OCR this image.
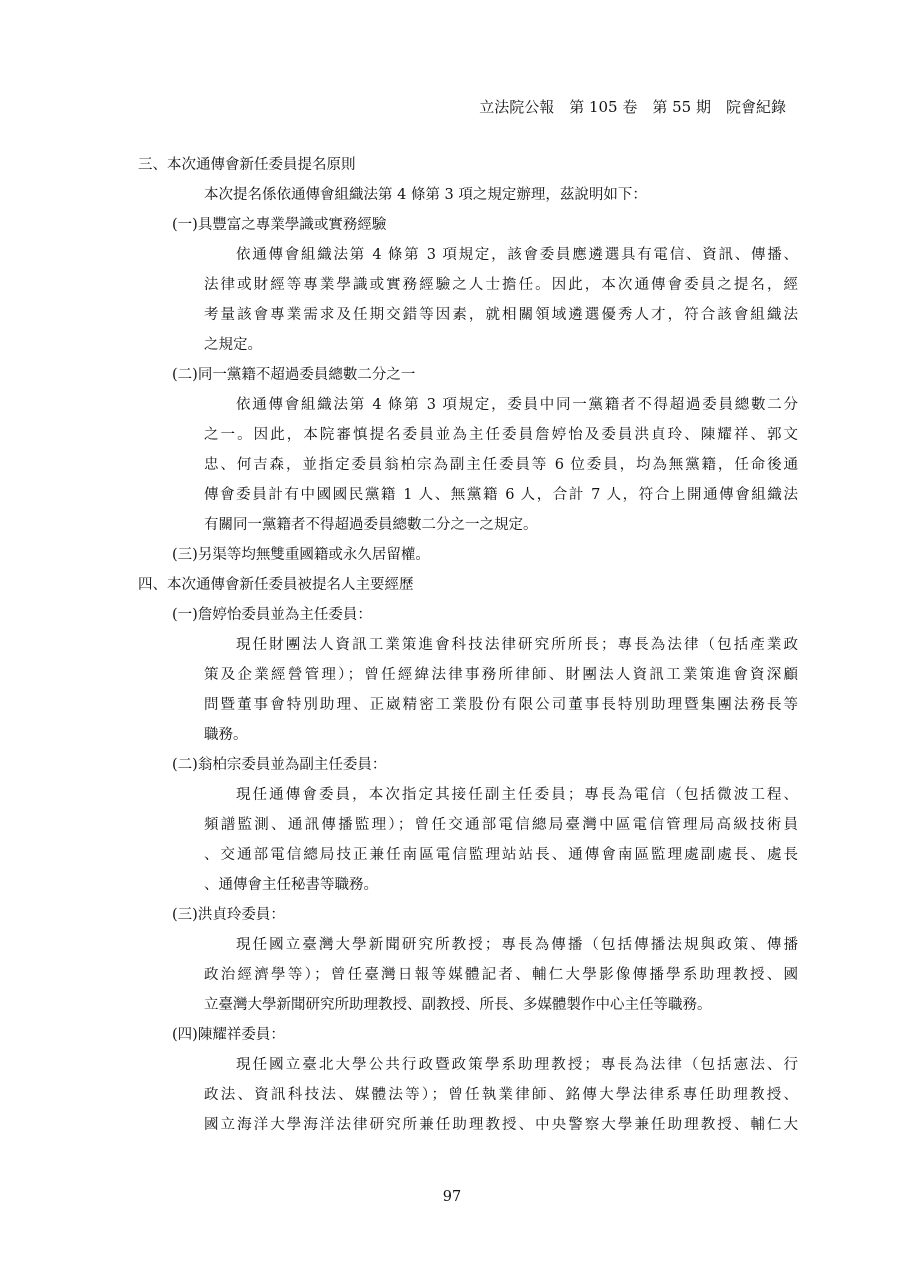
立法院公報　第 105 卷　第 55 期　院會紀錄
三、本次通傳會新任委員提名原則
本次提名係依通傳會組織法第 4 條第 3 項之規定辦理，茲說明如下：
(一)具豐富之專業學識或實務經驗
依通傳會組織法第 4 條第 3 項規定，該會委員應遴選具有電信、資訊、傳播、
法律或財經等專業學識或實務經驗之人士擔任。因此，本次通傳會委員之提名，經
考量該會專業需求及任期交錯等因素，就相關領域遴選優秀人才，符合該會組織法
之規定。
(二)同一黨籍不超過委員總數二分之一
依通傳會組織法第 4 條第 3 項規定，委員中同一黨籍者不得超過委員總數二分
之一。因此，本院審慎提名委員並為主任委員詹婷怡及委員洪貞玲、陳耀祥、郭文
忠、何吉森，並指定委員翁柏宗為副主任委員等 6 位委員，均為無黨籍，任命後通
傳會委員計有中國國民黨籍 1 人、無黨籍 6 人，合計 7 人，符合上開通傳會組織法
有關同一黨籍者不得超過委員總數二分之一之規定。
(三)另渠等均無雙重國籍或永久居留權。
四、本次通傳會新任委員被提名人主要經歷
(一)詹婷怡委員並為主任委員：
現任財團法人資訊工業策進會科技法律研究所所長；專長為法律（包括產業政
策及企業經營管理）；曾任經緯法律事務所律師、財團法人資訊工業策進會資深顧
問暨董事會特別助理、正崴精密工業股份有限公司董事長特別助理暨集團法務長等
職務。
(二)翁柏宗委員並為副主任委員：
現任通傳會委員，本次指定其接任副主任委員；專長為電信（包括微波工程、
頻譜監測、通訊傳播監理）；曾任交通部電信總局臺灣中區電信管理局高級技術員
、交通部電信總局技正兼任南區電信監理站站長、通傳會南區監理處副處長、處長
、通傳會主任秘書等職務。
(三)洪貞玲委員：
現任國立臺灣大學新聞研究所教授；專長為傳播（包括傳播法規與政策、傳播
政治經濟學等）；曾任臺灣日報等媒體記者、輔仁大學影像傳播學系助理教授、國
立臺灣大學新聞研究所助理教授、副教授、所長、多媒體製作中心主任等職務。
(四)陳耀祥委員：
現任國立臺北大學公共行政暨政策學系助理教授；專長為法律（包括憲法、行
政法、資訊科技法、媒體法等）；曾任執業律師、銘傳大學法律系專任助理教授、
國立海洋大學海洋法律研究所兼任助理教授、中央警察大學兼任助理教授、輔仁大
97
